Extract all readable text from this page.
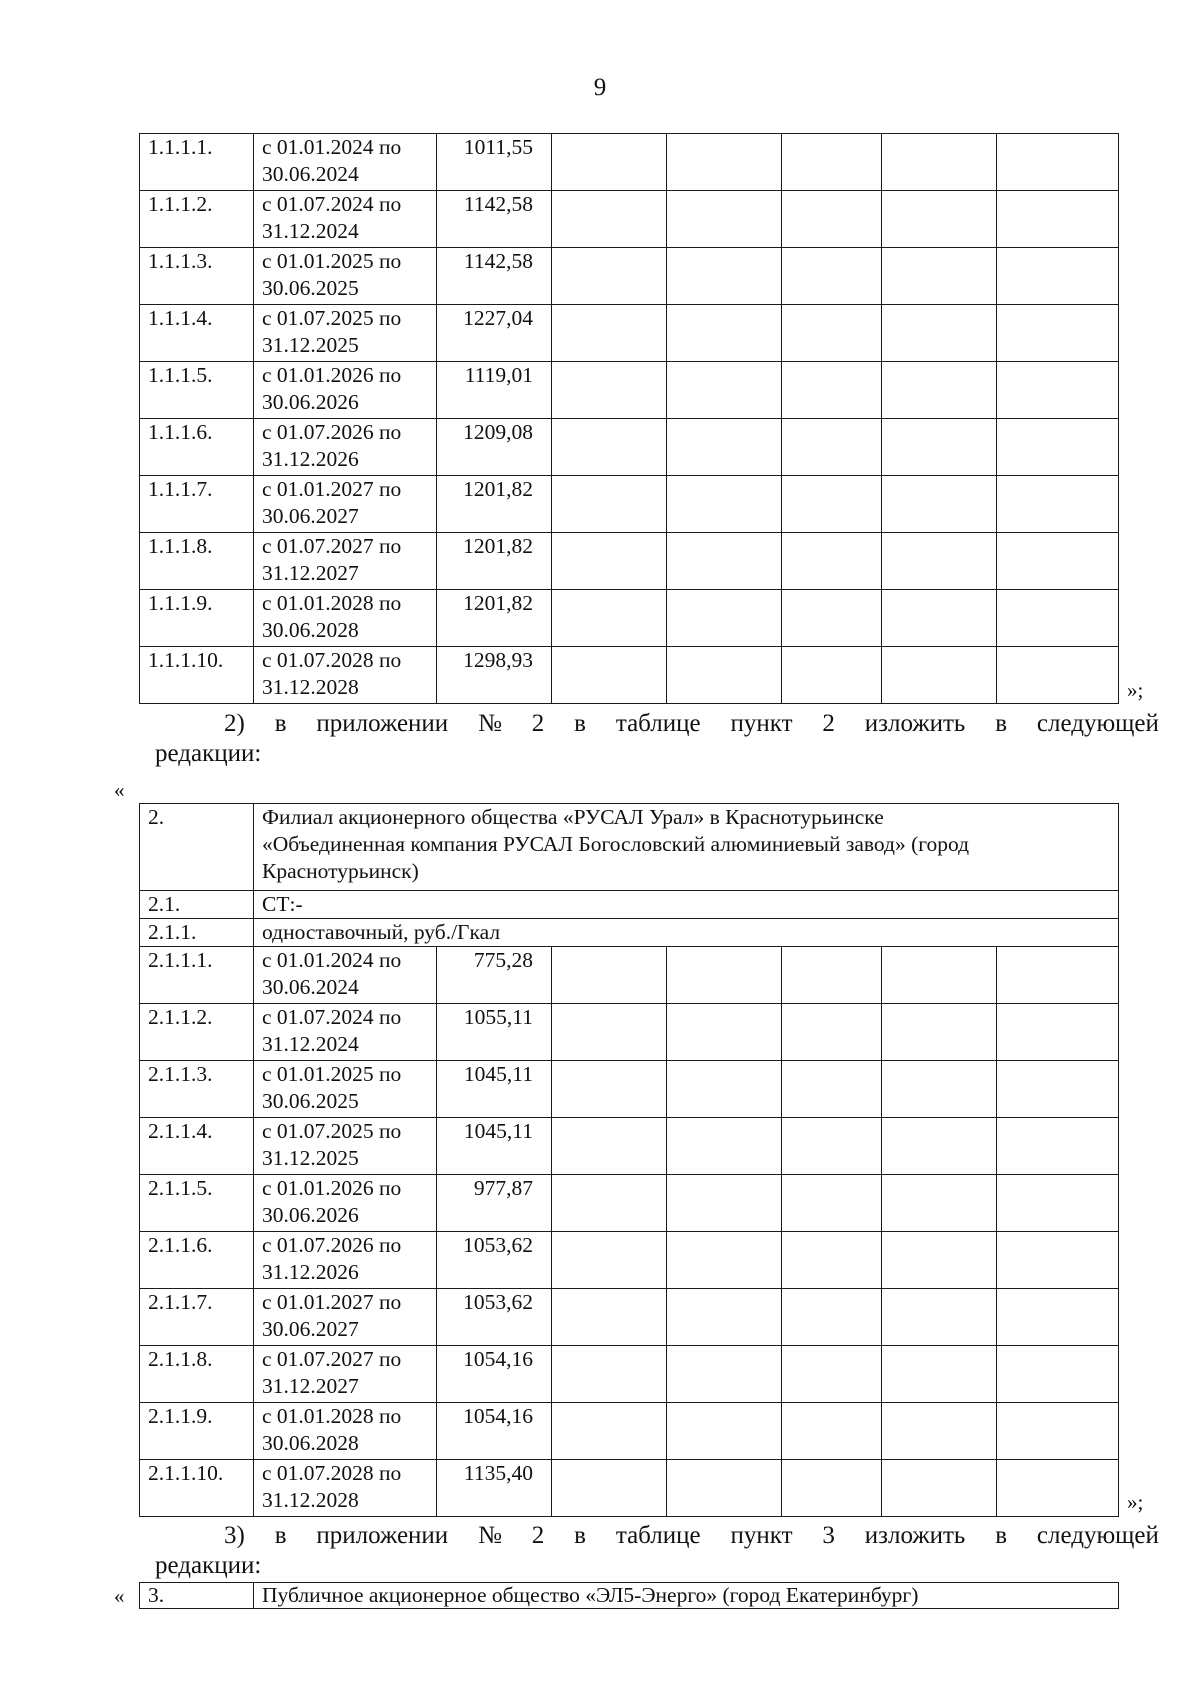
9
1.1.1.1.	с 01.01.2024 по
30.06.2024	1011,55					
1.1.1.2.	с 01.07.2024 по
31.12.2024	1142,58					
1.1.1.3.	с 01.01.2025 по
30.06.2025	1142,58					
1.1.1.4.	с 01.07.2025 по
31.12.2025	1227,04					
1.1.1.5.	с 01.01.2026 по
30.06.2026	1119,01					
1.1.1.6.	с 01.07.2026 по
31.12.2026	1209,08					
1.1.1.7.	с 01.01.2027 по
30.06.2027	1201,82					
1.1.1.8.	с 01.07.2027 по
31.12.2027	1201,82					
1.1.1.9.	с 01.01.2028 по
30.06.2028	1201,82					
1.1.1.10.	с 01.07.2028 по
31.12.2028	1298,93					
»;
2) в приложении № 2 в таблице пункт 2 изложить в следующей
редакции:
«
2.	Филиал акционерного общества «РУСАЛ Урал» в Краснотурьинске
«Объединенная компания РУСАЛ Богословский алюминиевый завод» (город
Краснотурьинск)

2.1.	СТ:-
2.1.1.	одноставочный, руб./Гкал
2.1.1.1.	с 01.01.2024 по
30.06.2024	775,28					
2.1.1.2.	с 01.07.2024 по
31.12.2024	1055,11					
2.1.1.3.	с 01.01.2025 по
30.06.2025	1045,11					
2.1.1.4.	с 01.07.2025 по
31.12.2025	1045,11					
2.1.1.5.	с 01.01.2026 по
30.06.2026	977,87					
2.1.1.6.	с 01.07.2026 по
31.12.2026	1053,62					
2.1.1.7.	с 01.01.2027 по
30.06.2027	1053,62					
2.1.1.8.	с 01.07.2027 по
31.12.2027	1054,16					
2.1.1.9.	с 01.01.2028 по
30.06.2028	1054,16					
2.1.1.10.	с 01.07.2028 по
31.12.2028	1135,40					
»;
3) в приложении № 2 в таблице пункт 3 изложить в следующей
редакции:
« 3.	Публичное акционерное общество «ЭЛ5-Энерго» (город Екатеринбург)
